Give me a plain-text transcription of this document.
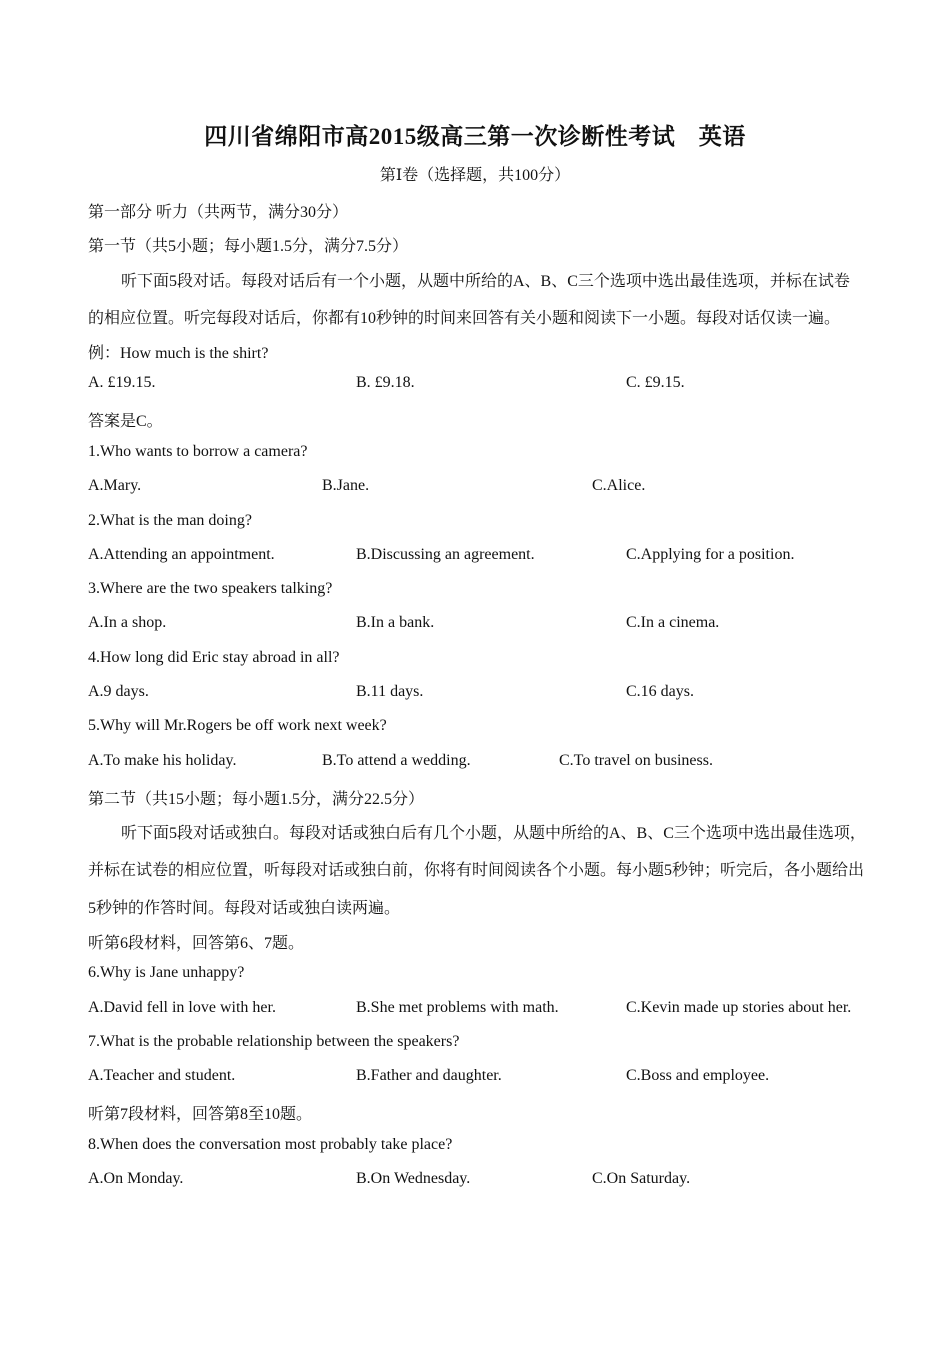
四川省绵阳市高2015级高三第一次诊断性考试　英语
第Ⅰ卷（选择题，共100分）
第一部分 听力（共两节，满分30分）
第一节（共5小题；每小题1.5分，满分7.5分）
听下面5段对话。每段对话后有一个小题，从题中所给的A、B、C三个选项中选出最佳选项，并标在试卷
的相应位置。听完每段对话后，你都有10秒钟的时间来回答有关小题和阅读下一小题。每段对话仅读一遍。
例：How much is the shirt?
A. £19.15.	B. £9.18.	C. £9.15.
答案是C。
1.Who wants to borrow a camera?
A.Mary.	B.Jane.	C.Alice.
2.What is the man doing?
A.Attending an appointment.	B.Discussing an agreement.	C.Applying for a position.
3.Where are the two speakers talking?
A.In a shop.	B.In a bank.	C.In a cinema.
4.How long did Eric stay abroad in all?
A.9 days.	B.11 days.	C.16 days.
5.Why will Mr.Rogers be off work next week?
A.To make his holiday.	B.To attend a wedding.	C.To travel on business.
第二节（共15小题；每小题1.5分，满分22.5分）
听下面5段对话或独白。每段对话或独白后有几个小题，从题中所给的A、B、C三个选项中选出最佳选项，
并标在试卷的相应位置，听每段对话或独白前，你将有时间阅读各个小题。每小题5秒钟；听完后，各小题给出
5秒钟的作答时间。每段对话或独白读两遍。
听第6段材料，回答第6、7题。
6.Why is Jane unhappy?
A.David fell in love with her.	B.She met problems with math.	C.Kevin made up stories about her.
7.What is the probable relationship between the speakers?
A.Teacher and student.	B.Father and daughter.	C.Boss and employee.
听第7段材料，回答第8至10题。
8.When does the conversation most probably take place?
A.On Monday.	B.On Wednesday.	C.On Saturday.
